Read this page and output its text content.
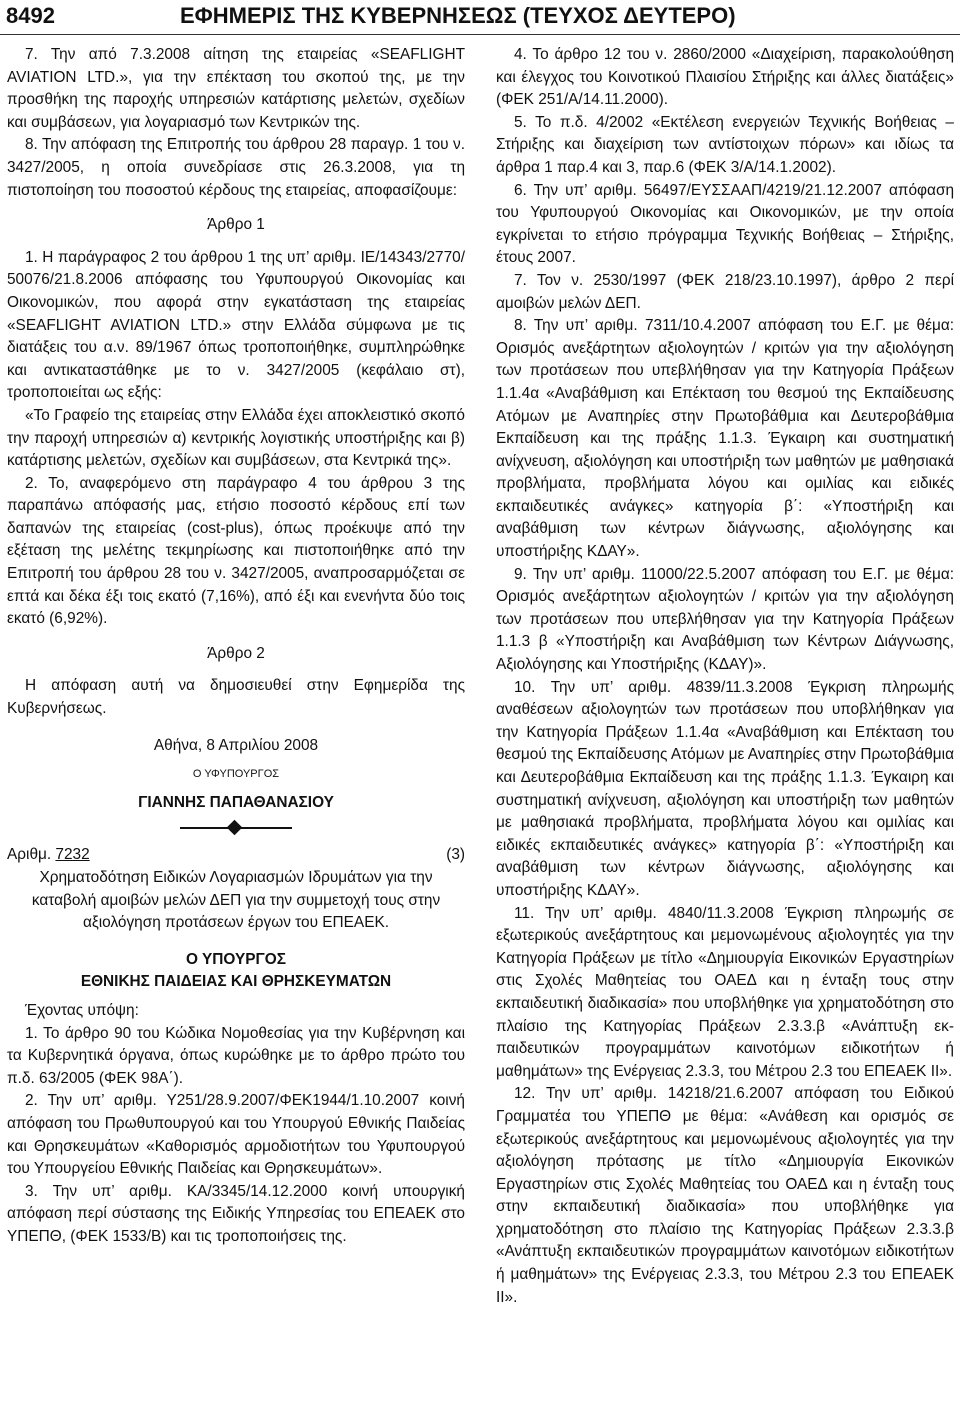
8492	ΕΦΗΜΕΡΙΣ ΤΗΣ ΚΥΒΕΡΝΗΣΕΩΣ (ΤΕΥΧΟΣ ΔΕΥΤΕΡΟ)

7. Την από 7.3.2008 αίτηση της εταιρείας «SEAFLIGHT AVIATION LTD.», για την επέκταση του σκοπού της, με την προσθήκη της παροχής υπηρεσιών κατάρτισης μελετών, σχεδίων και συμβάσεων, για λογαριασμό των Κεντρικών της.

8. Την απόφαση της Επιτροπής του άρθρου 28 παραγρ. 1 του ν. 3427/2005, η οποία συνεδρίασε στις 26.3.2008, για τη πιστοποίηση του ποσοστού κέρδους της εταιρείας, αποφασίζουμε:

Άρθρο 1

1. Η παράγραφος 2 του άρθρου 1 της υπ’ αριθμ. ΙΕ/14343/2770/ 50076/21.8.2006 απόφασης του Υφυπουργού Οικονομίας και Οικονομικών, που αφορά στην εγκατάσταση της εταιρείας «SEAFLIGHT AVIATION LTD.» στην Ελλάδα σύμφωνα με τις διατάξεις του α.ν. 89/1967 όπως τροποποιήθηκε, συμπληρώθηκε και αντικαταστάθηκε με το ν. 3427/2005 (κεφάλαιο στ), τροποποιείται ως εξής:

«Το Γραφείο της εταιρείας στην Ελλάδα έχει αποκλειστικό σκοπό την παροχή υπηρεσιών α) κεντρικής λογιστικής υποστήριξης και β) κατάρτισης μελετών, σχεδίων και συμβάσεων, στα Κεντρικά της».

2. Το, αναφερόμενο στη παράγραφο 4 του άρθρου 3 της παραπάνω απόφασής μας, ετήσιο ποσοστό κέρδους επί των δαπανών της εταιρείας (cost-plus), όπως προέκυψε από την εξέταση της μελέτης τεκμηρίωσης και πιστοποιήθηκε από την Επιτροπή του άρθρου 28 του ν. 3427/2005, αναπροσαρμόζεται σε επτά και δέκα έξι τοις εκατό (7,16%), από έξι και ενενήντα δύο τοις εκατό (6,92%).

Άρθρο 2

Η απόφαση αυτή να δημοσιευθεί στην Εφημερίδα της Κυβερνήσεως.

Αθήνα, 8 Απριλίου 2008
Ο ΥΦΥΠΟΥΡΓΟΣ
ΓΙΑΝΝΗΣ ΠΑΠΑΘΑΝΑΣΙΟΥ
Αριθμ. 7232	(3)
Χρηματοδότηση Ειδικών Λογαριασμών Ιδρυμάτων για την καταβολή αμοιβών μελών ΔΕΠ για την συμμετοχή τους στην αξιολόγηση προτάσεων έργων του ΕΠΕΑΕΚ.
Ο ΥΠΟΥΡΓΟΣ
ΕΘΝΙΚΗΣ ΠΑΙΔΕΙΑΣ ΚΑΙ ΘΡΗΣΚΕΥΜΑΤΩΝ

Έχοντας υπόψη:

1. Το άρθρο 90 του Κώδικα Νομοθεσίας για την Κυβέρνηση και τα Κυβερνητικά όργανα, όπως κυρώθηκε με το άρθρο πρώτο του π.δ. 63/2005 (ΦΕΚ 98Α΄).

2. Την υπ’ αριθμ. Υ251/28.9.2007/ΦΕΚ1944/1.10.2007 κοινή απόφαση του Πρωθυπουργού και του Υπουργού Εθνικής Παιδείας και Θρησκευμάτων «Καθορισμός αρμοδιοτήτων του Υφυπουργού του Υπουργείου Εθνικής Παιδείας και Θρησκευμάτων».

3. Την υπ’ αριθμ. ΚΑ/3345/14.12.2000 κοινή υπουργική απόφαση περί σύστασης της Ειδικής Υπηρεσίας του ΕΠΕΑΕΚ στο ΥΠΕΠΘ, (ΦΕΚ 1533/Β) και τις τροποποιήσεις της.

4. Το άρθρο 12 του ν. 2860/2000 «Διαχείριση, παρακολούθηση και έλεγχος του Κοινοτικού Πλαισίου Στήριξης και άλλες διατάξεις» (ΦΕΚ 251/Α/14.11.2000).

5. Το π.δ. 4/2002 «Εκτέλεση ενεργειών Τεχνικής Βοήθειας – Στήριξης και διαχείριση των αντίστοιχων πόρων» και ιδίως τα άρθρα 1 παρ.4 και 3, παρ.6 (ΦΕΚ 3/Α/14.1.2002).

6. Την υπ’ αριθμ. 56497/ΕΥΣΣΑΑΠ/4219/21.12.2007 απόφαση του Υφυπουργού Οικονομίας και Οικονομικών, με την οποία εγκρίνεται το ετήσιο πρόγραμμα Τεχνικής Βοήθειας – Στήριξης, έτους 2007.

7. Τον ν. 2530/1997 (ΦΕΚ 218/23.10.1997), άρθρο 2 περί αμοιβών μελών ΔΕΠ.

8. Την υπ’ αριθμ. 7311/10.4.2007 απόφαση του Ε.Γ. με θέμα: Ορισμός ανεξάρτητων αξιολογητών / κριτών για την αξιολόγηση των προτάσεων που υπεβλήθησαν για την Κατηγορία Πράξεων 1.1.4α «Αναβάθμιση και Επέκταση του θεσμού της Εκπαίδευσης Ατόμων με Αναπηρίες στην Πρωτοβάθμια και Δευτεροβάθμια Εκπαίδευση και της πράξης 1.1.3. Έγκαιρη και συστηματική ανίχνευση, αξιολόγηση και υποστήριξη των μαθητών με μαθησιακά προβλήματα, προβλήματα λόγου και ομιλίας και ειδικές εκπαιδευτικές ανάγκες» κατηγορία β΄: «Υποστήριξη και αναβάθμιση των κέντρων διάγνωσης, αξιολόγησης και υποστήριξης ΚΔΑΥ».

9. Την υπ’ αριθμ. 11000/22.5.2007 απόφαση του Ε.Γ. με θέμα: Ορισμός ανεξάρτητων αξιολογητών / κριτών για την αξιολόγηση των προτάσεων που υπεβλήθησαν για την Κατηγορία Πράξεων 1.1.3 β «Υποστήριξη και Αναβάθμιση των Κέντρων Διάγνωσης, Αξιολόγησης και Υποστήριξης (ΚΔΑΥ)».

10. Την υπ’ αριθμ. 4839/11.3.2008 Έγκριση πληρωμής αναθέσεων αξιολογητών των προτάσεων που υποβλήθηκαν για την Κατηγορία Πράξεων 1.1.4α «Αναβάθμιση και Επέκταση του θεσμού της Εκπαίδευσης Ατόμων με Αναπηρίες στην Πρωτοβάθμια και Δευτεροβάθμια Εκπαίδευση και της πράξης 1.1.3. Έγκαιρη και συστηματική ανίχνευση, αξιολόγηση και υποστήριξη των μαθητών με μαθησιακά προβλήματα, προβλήματα λόγου και ομιλίας και ειδικές εκπαιδευτικές ανάγκες» κατηγορία β΄: «Υποστήριξη και αναβάθμιση των κέντρων διάγνωσης, αξιολόγησης και υποστήριξης ΚΔΑΥ».

11. Την υπ’ αριθμ. 4840/11.3.2008 Έγκριση πληρωμής σε εξωτερικούς ανεξάρτητους και μεμονωμένους αξιολογητές για την Κατηγορία Πράξεων με τίτλο «Δημιουργία Εικονικών Εργαστηρίων στις Σχολές Μαθητείας του ΟΑΕΔ και η ένταξη τους στην εκπαιδευτική διαδικασία» που υποβλήθηκε για χρηματοδότηση στο πλαίσιο της Κατηγορίας Πράξεων 2.3.3.β «Ανάπτυξη εκπαιδευτικών προγραμμάτων καινοτόμων ειδικοτήτων ή μαθημάτων» της Ενέργειας 2.3.3, του Μέτρου 2.3 του ΕΠΕΑΕΚ ΙΙ».

12. Την υπ’ αριθμ. 14218/21.6.2007 απόφαση του Ειδικού Γραμματέα του ΥΠΕΠΘ με θέμα: «Ανάθεση και ορισμός σε εξωτερικούς ανεξάρτητους και μεμονωμένους αξιολογητές για την αξιολόγηση πρότασης με τίτλο «Δημιουργία Εικονικών Εργαστηρίων στις Σχολές Μαθητείας του ΟΑΕΔ και η ένταξη τους στην εκπαιδευτική διαδικασία» που υποβλήθηκε για χρηματοδότηση στο πλαίσιο της Κατηγορίας Πράξεων 2.3.3.β «Ανάπτυξη εκπαιδευτικών προγραμμάτων καινοτόμων ειδικοτήτων ή μαθημάτων» της Ενέργειας 2.3.3, του Μέτρου 2.3 του ΕΠΕΑΕΚ ΙΙ».
